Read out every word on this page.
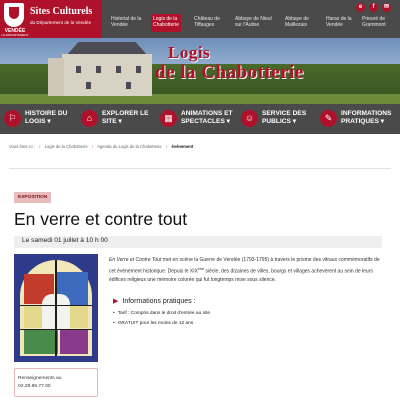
VENDÉE
LE DÉPARTEMENT
Sites Culturels
du Département de la Vendée
Historial de la
Vendée
Logis de la
Chabotterie
Château de
Tiffauges
Abbaye de Nieul
sur l'Autise
Abbaye de
Maillezais
Haras de la
Vendée
Prieuré de
Grammont
e	f	✉
Logis
de la Chabotterie
⚐	HISTOIRE DU
LOGIS ▾	⌂	EXPLORER LE
SITE ▾	▦	ANIMATIONS ET
SPECTACLES ▾	☺	SERVICE DES
PUBLICS ▾	✎	INFORMATIONS
PRATIQUES ▾
Vous êtes ici : › Logis de la Chabotterie › Agenda du Logis de la Chabotterie › événement
EXPOSITION
En verre et contre tout
Le samedi 01 juillet à 10 h 00
En Verre et Contre Tout met en scène la Guerre de Vendée (1793-1795) à travers le prisme des vitraux commémoratifs de cet évènement historique. Depuis le XIXème siècle, des dizaines de villes, bourgs et villages achevèrent au sein de leurs édifices religieux une mémoire colorée qui fut longtemps mise sous silence.
▶ Informations pratiques :
• Tarif : Compris dans le droit d'entrée au site
• GRATUIT pour les moins de 12 ans
Renseignements au
02.28.85.77.00
